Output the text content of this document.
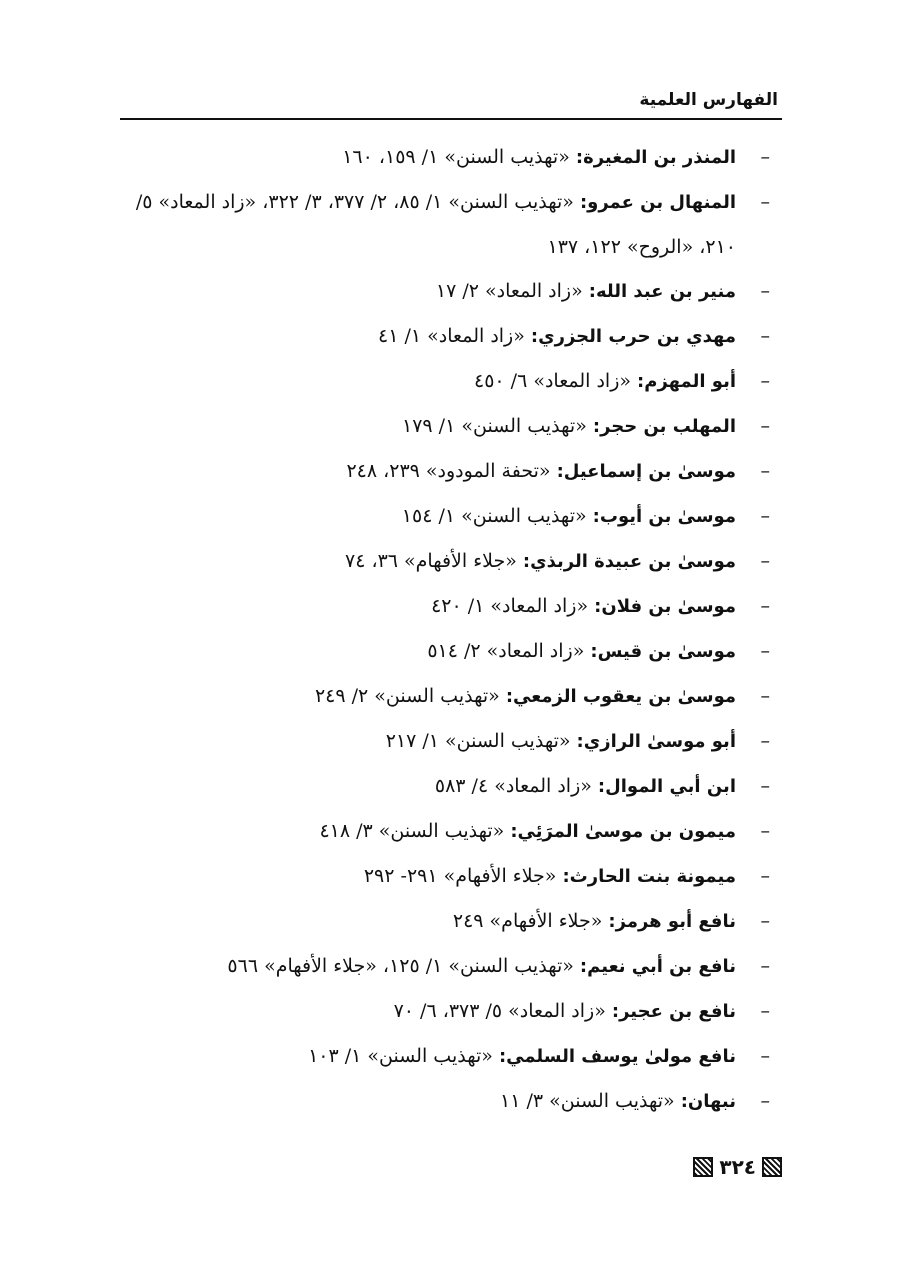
الفهارس العلمية
–
المنذر بن المغيرة: «تهذيب السنن» ١/ ١٥٩، ١٦٠
–
المنهال بن عمرو: «تهذيب السنن» ١/ ٨٥، ٢/ ٣٧٧، ٣/ ٣٢٢، «زاد المعاد» ٥/ ٢١٠، «الروح» ١٢٢، ١٣٧
–
منير بن عبد الله: «زاد المعاد» ٢/ ١٧
–
مهدي بن حرب الجزري: «زاد المعاد» ١/ ٤١
–
أبو المهزم: «زاد المعاد» ٦/ ٤٥٠
–
المهلب بن حجر: «تهذيب السنن» ١/ ١٧٩
–
موسىٰ بن إسماعيل: «تحفة المودود» ٢٣٩، ٢٤٨
–
موسىٰ بن أيوب: «تهذيب السنن» ١/ ١٥٤
–
موسىٰ بن عبيدة الربذي: «جلاء الأفهام» ٣٦، ٧٤
–
موسىٰ بن فلان: «زاد المعاد» ١/ ٤٢٠
–
موسىٰ بن قيس: «زاد المعاد» ٢/ ٥١٤
–
موسىٰ بن يعقوب الزمعي: «تهذيب السنن» ٢/ ٢٤٩
–
أبو موسىٰ الرازي: «تهذيب السنن» ١/ ٢١٧
–
ابن أبي الموال: «زاد المعاد» ٤/ ٥٨٣
–
ميمون بن موسىٰ المرَئِي: «تهذيب السنن» ٣/ ٤١٨
–
ميمونة بنت الحارث: «جلاء الأفهام» ٢٩١- ٢٩٢
–
نافع أبو هرمز: «جلاء الأفهام» ٢٤٩
–
نافع بن أبي نعيم: «تهذيب السنن» ١/ ١٢٥، «جلاء الأفهام» ٥٦٦
–
نافع بن عجير: «زاد المعاد» ٥/ ٣٧٣، ٦/ ٧٠
–
نافع مولىٰ يوسف السلمي: «تهذيب السنن» ١/ ١٠٣
–
نبهان: «تهذيب السنن» ٣/ ١١
٣٢٤
